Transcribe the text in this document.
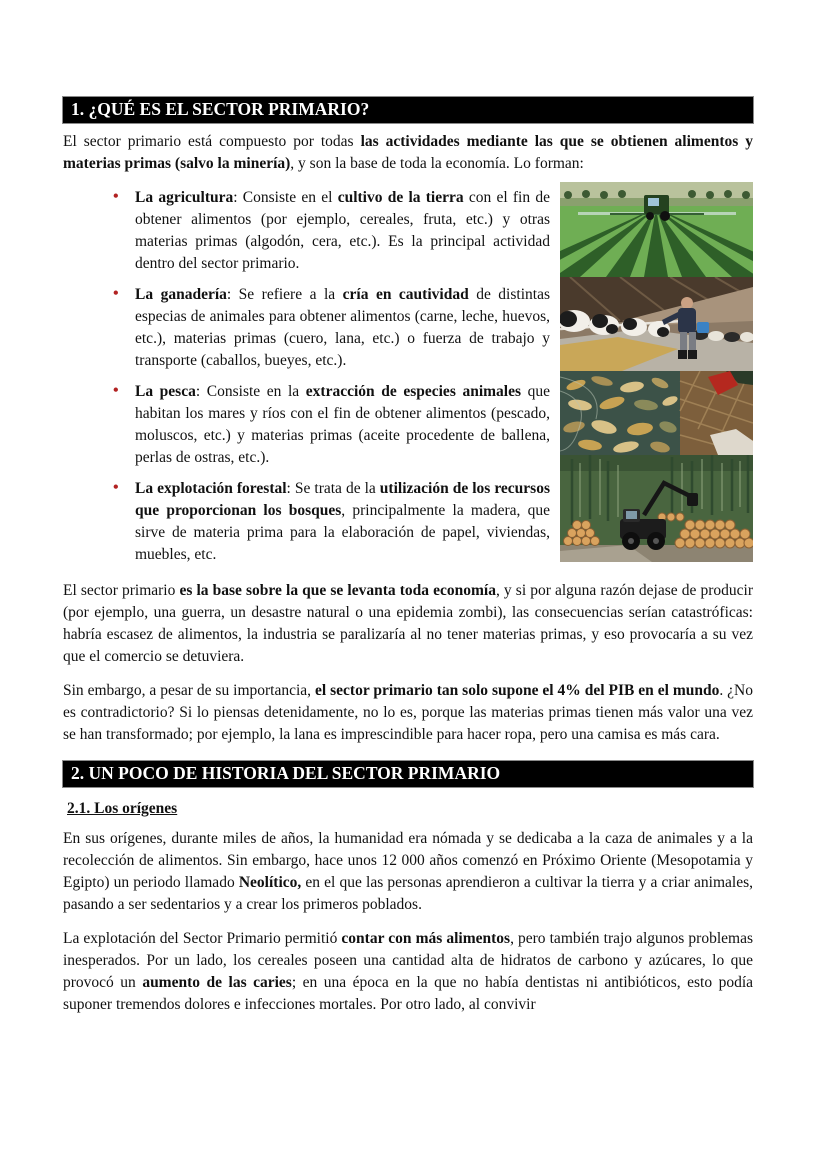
1. ¿QUÉ ES EL SECTOR PRIMARIO?

El sector primario está compuesto por todas las actividades mediante las que se obtienen alimentos y materias primas (salvo la minería), y son la base de toda la economía. Lo forman:

• La agricultura: Consiste en el cultivo de la tierra con el fin de obtener alimentos (por ejemplo, cereales, fruta, etc.) y otras materias primas (algodón, cera, etc.). Es la principal actividad dentro del sector primario.
• La ganadería: Se refiere a la cría en cautividad de distintas especias de animales para obtener alimentos (carne, leche, huevos, etc.), materias primas (cuero, lana, etc.) o fuerza de trabajo y transporte (caballos, bueyes, etc.).
• La pesca: Consiste en la extracción de especies animales que habitan los mares y ríos con el fin de obtener alimentos (pescado, moluscos, etc.) y materias primas (aceite procedente de ballena, perlas de ostras, etc.).
• La explotación forestal: Se trata de la utilización de los recursos que proporcionan los bosques, principalmente la madera, que sirve de materia prima para la elaboración de papel, viviendas, muebles, etc.

El sector primario es la base sobre la que se levanta toda economía, y si por alguna razón dejase de producir (por ejemplo, una guerra, un desastre natural o una epidemia zombi), las consecuencias serían catastróficas: habría escasez de alimentos, la industria se paralizaría al no tener materias primas, y eso provocaría a su vez que el comercio se detuviera.

Sin embargo, a pesar de su importancia, el sector primario tan solo supone el 4% del PIB en el mundo. ¿No es contradictorio? Si lo piensas detenidamente, no lo es, porque las materias primas tienen más valor una vez se han transformado; por ejemplo, la lana es imprescindible para hacer ropa, pero una camisa es más cara.

2. UN POCO DE HISTORIA DEL SECTOR PRIMARIO
2.1. Los orígenes

En sus orígenes, durante miles de años, la humanidad era nómada y se dedicaba a la caza de animales y a la recolección de alimentos. Sin embargo, hace unos 12 000 años comenzó en Próximo Oriente (Mesopotamia y Egipto) un periodo llamado Neolítico, en el que las personas aprendieron a cultivar la tierra y a criar animales, pasando a ser sedentarios y a crear los primeros poblados.

La explotación del Sector Primario permitió contar con más alimentos, pero también trajo algunos problemas inesperados. Por un lado, los cereales poseen una cantidad alta de hidratos de carbono y azúcares, lo que provocó un aumento de las caries; en una época en la que no había dentistas ni antibióticos, esto podía suponer tremendos dolores e infecciones mortales. Por otro lado, al convivir
